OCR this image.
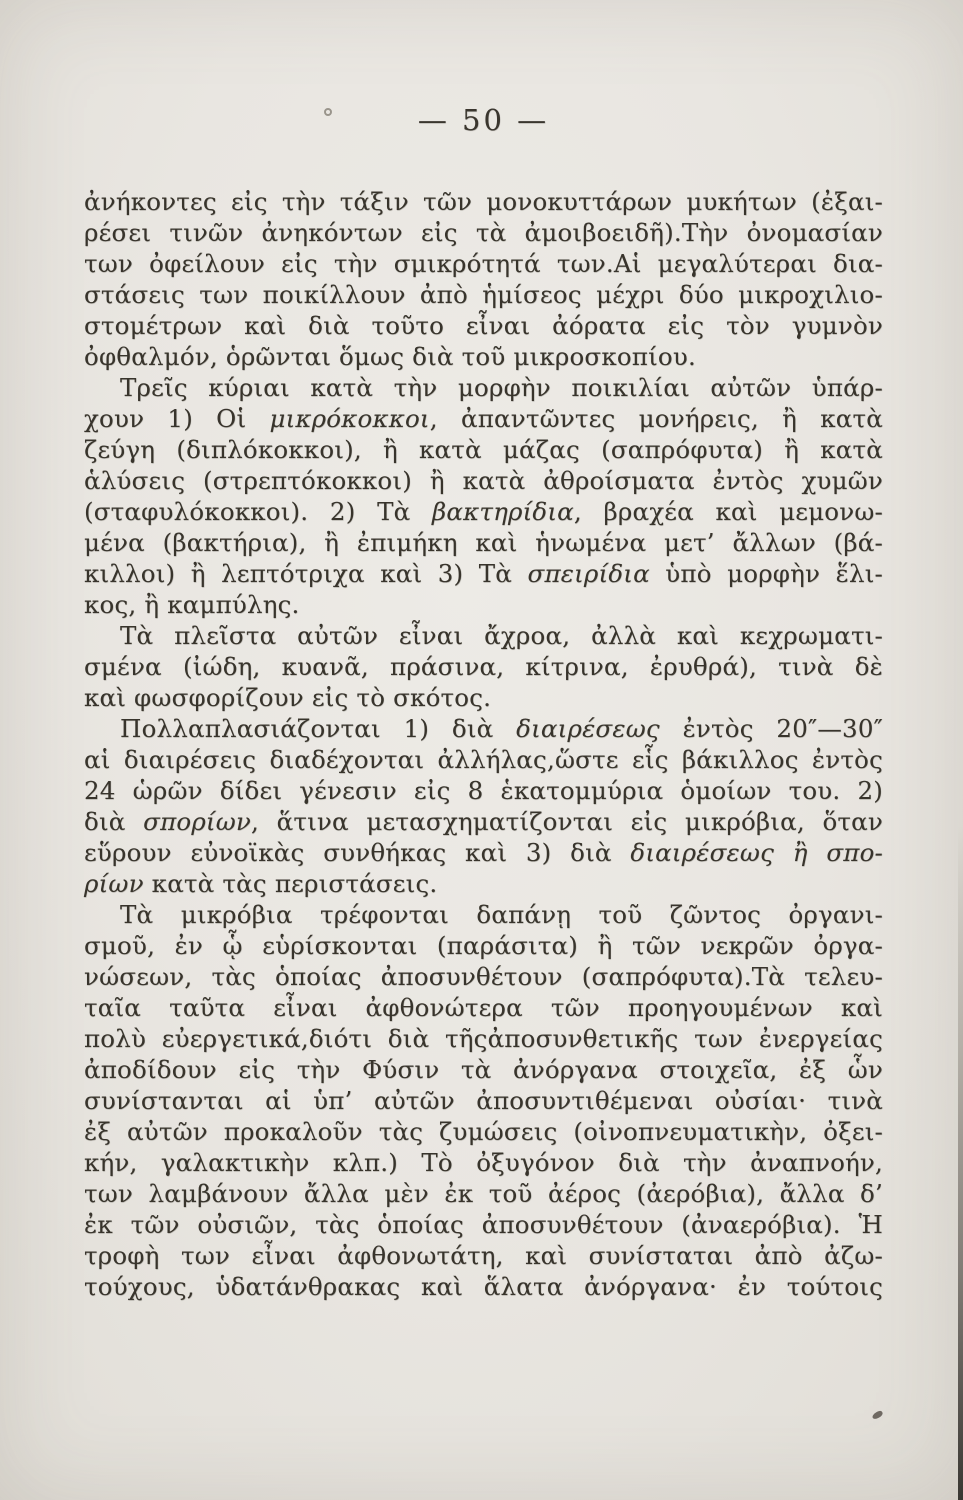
— 50 —
ἀνήκοντες εἰς τὴν τάξιν τῶν μονοκυττάρων μυκήτων (ἐξαι-
ρέσει τινῶν ἀνηκόντων εἰς τὰ ἀμοιβοειδῆ).Τὴν ὀνομασίαν
των ὀφείλουν εἰς τὴν σμικρότητά των.Αἱ μεγαλύτεραι δια-
στάσεις των ποικίλλουν ἀπὸ ἡμίσεος μέχρι δύο μικροχιλιο-
στομέτρων καὶ διὰ τοῦτο εἶναι ἀόρατα εἰς τὸν γυμνὸν
ὀφθαλμόν, ὁρῶνται ὅμως διὰ τοῦ μικροσκοπίου.
Τρεῖς κύριαι κατὰ τὴν μορφὴν ποικιλίαι αὐτῶν ὑπάρ-
χουν 1) Οἱ μικρόκοκκοι, ἀπαντῶντες μονήρεις, ἢ κατὰ
ζεύγη (διπλόκοκκοι), ἢ κατὰ μάζας (σαπρόφυτα) ἢ κατὰ
ἁλύσεις (στρεπτόκοκκοι) ἢ κατὰ ἀθροίσματα ἐντὸς χυμῶν
(σταφυλόκοκκοι). 2) Τὰ βακτηρίδια, βραχέα καὶ μεμονω-
μένα (βακτήρια), ἢ ἐπιμήκη καὶ ἡνωμένα μετ’ ἄλλων (βά-
κιλλοι) ἢ λεπτότριχα καὶ 3) Τὰ σπειρίδια ὑπὸ μορφὴν ἕλι-
κος, ἢ καμπύλης.
Τὰ πλεῖστα αὐτῶν εἶναι ἄχροα, ἀλλὰ καὶ κεχρωματι-
σμένα (ἰώδη, κυανᾶ, πράσινα, κίτρινα, ἐρυθρά), τινὰ δὲ
καὶ φωσφορίζουν εἰς τὸ σκότος.
Πολλαπλασιάζονται 1) διὰ διαιρέσεως ἐντὸς 20″—30″
αἱ διαιρέσεις διαδέχονται ἀλλήλας,ὥστε εἷς βάκιλλος ἐντὸς
24 ὡρῶν δίδει γένεσιν εἰς 8 ἑκατομμύρια ὁμοίων του. 2)
διὰ σπορίων, ἅτινα μετασχηματίζονται εἰς μικρόβια, ὅταν
εὕρουν εὐνοϊκὰς συνθήκας καὶ 3) διὰ διαιρέσεως ἢ σπο-
ρίων κατὰ τὰς περιστάσεις.
Τὰ μικρόβια τρέφονται δαπάνῃ τοῦ ζῶντος ὀργανι-
σμοῦ, ἐν ᾧ εὑρίσκονται (παράσιτα) ἢ τῶν νεκρῶν ὀργα-
νώσεων, τὰς ὁποίας ἀποσυνθέτουν (σαπρόφυτα).Τὰ τελευ-
ταῖα ταῦτα εἶναι ἀφθονώτερα τῶν προηγουμένων καὶ
πολὺ εὐεργετικά,διότι διὰ τῆςἀποσυνθετικῆς των ἐνεργείας
ἀποδίδουν εἰς τὴν Φύσιν τὰ ἀνόργανα στοιχεῖα, ἐξ ὧν
συνίστανται αἱ ὑπ’ αὐτῶν ἀποσυντιθέμεναι οὐσίαι· τινὰ
ἐξ αὐτῶν προκαλοῦν τὰς ζυμώσεις (οἰνοπνευματικὴν, ὀξει-
κήν, γαλακτικὴν κλπ.) Τὸ ὀξυγόνον διὰ τὴν ἀναπνοήν,
των λαμβάνουν ἄλλα μὲν ἐκ τοῦ ἀέρος (ἀερόβια), ἄλλα δ’
ἐκ τῶν οὐσιῶν, τὰς ὁποίας ἀποσυνθέτουν (ἀναερόβια). Ἡ
τροφὴ των εἶναι ἀφθονωτάτη, καὶ συνίσταται ἀπὸ ἀζω-
τούχους, ὑδατάνθρακας καὶ ἅλατα ἀνόργανα· ἐν τούτοις
